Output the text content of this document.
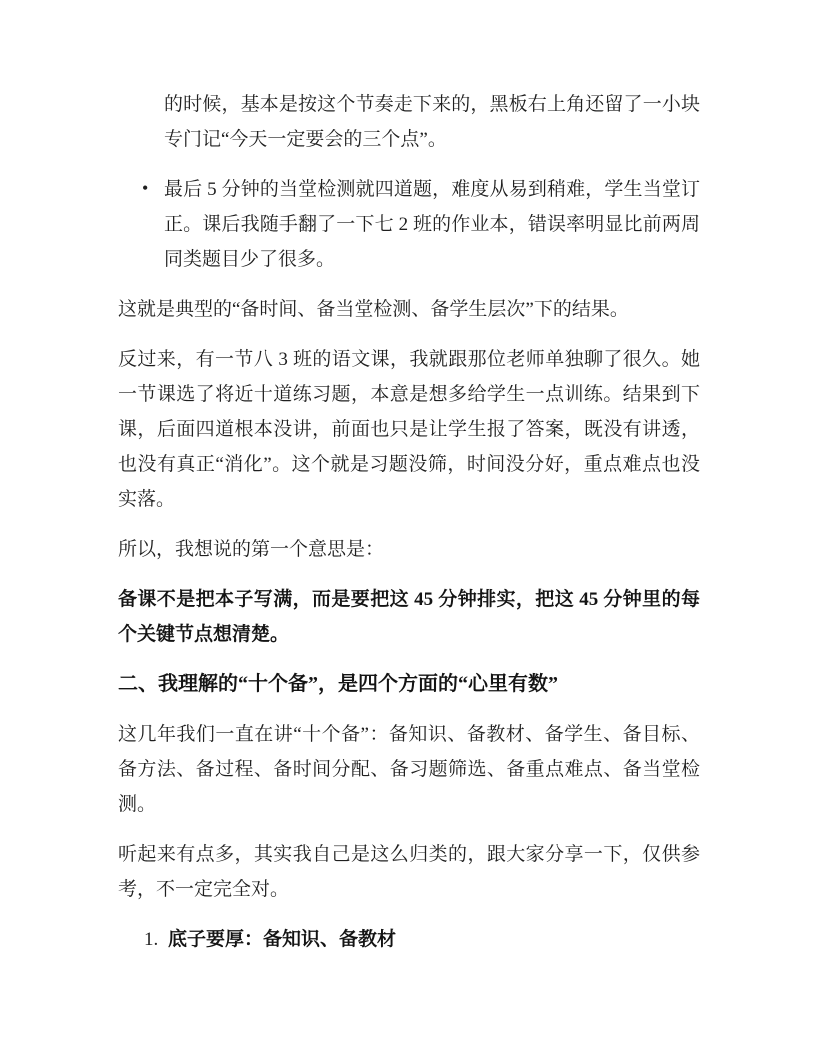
的时候，基本是按这个节奏走下来的，黑板右上角还留了一小块专门记“今天一定要会的三个点”。
• 最后 5 分钟的当堂检测就四道题，难度从易到稍难，学生当堂订正。课后我随手翻了一下七 2 班的作业本，错误率明显比前两周同类题目少了很多。

这就是典型的“备时间、备当堂检测、备学生层次”下的结果。

反过来，有一节八 3 班的语文课，我就跟那位老师单独聊了很久。她一节课选了将近十道练习题，本意是想多给学生一点训练。结果到下课，后面四道根本没讲，前面也只是让学生报了答案，既没有讲透，也没有真正“消化”。这个就是习题没筛，时间没分好，重点难点也没实落。

所以，我想说的第一个意思是：

备课不是把本子写满，而是要把这 45 分钟排实，把这 45 分钟里的每个关键节点想清楚。

二、我理解的“十个备”，是四个方面的“心里有数”

这几年我们一直在讲“十个备”：备知识、备教材、备学生、备目标、备方法、备过程、备时间分配、备习题筛选、备重点难点、备当堂检测。

听起来有点多，其实我自己是这么归类的，跟大家分享一下，仅供参考，不一定完全对。

1. 底子要厚：备知识、备教材
